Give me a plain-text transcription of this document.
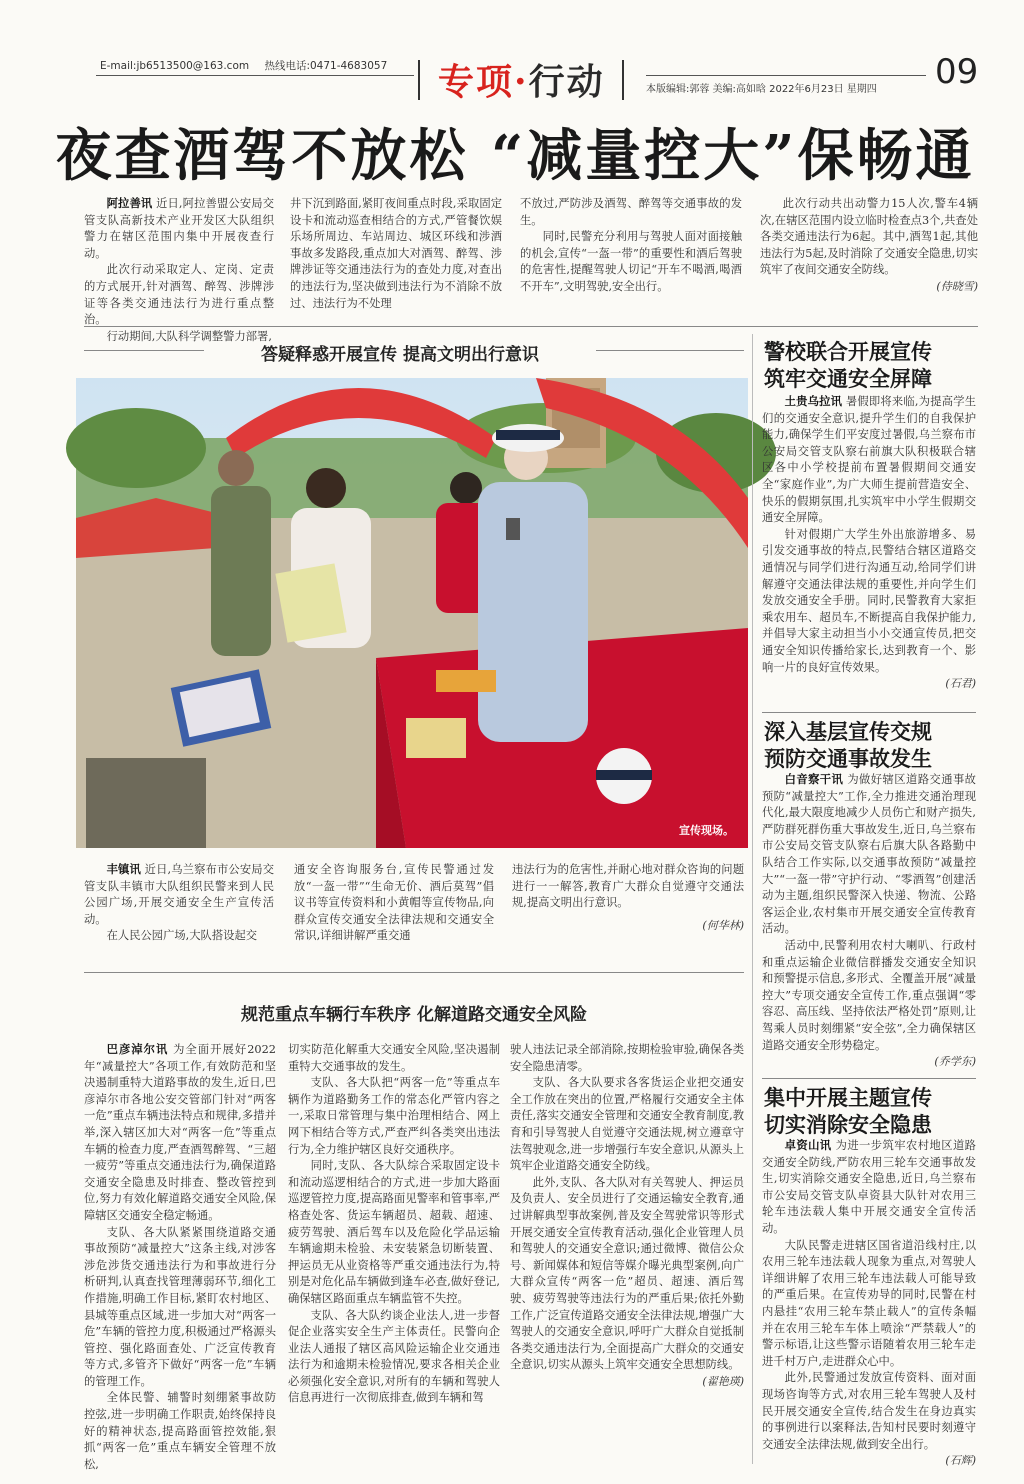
E-mail:jb6513500@163.com 热线电话:0471-4683057	专项·行动	本版编辑:郭蓉 美编:高如晗 2022年6月23日 星期四 09
夜查酒驾不放松 “减量控大”保畅通

阿拉善讯 近日,阿拉善盟公安局交管支队高新技术产业开发区大队组织警力在辖区范围内集中开展夜查行动。

此次行动采取定人、定岗、定责的方式展开,针对酒驾、醉驾、涉牌涉证等各类交通违法行为进行重点整治。

行动期间,大队科学调整警力部署,

井下沉到路面,紧盯夜间重点时段,采取固定设卡和流动巡查相结合的方式,严管餐饮娱乐场所周边、车站周边、城区环线和涉酒事故多发路段,重点加大对酒驾、醉驾、涉牌涉证等交通违法行为的查处力度,对查出的违法行为,坚决做到违法行为不消除不放过、违法行为不处理

不放过,严防涉及酒驾、醉驾等交通事故的发生。

同时,民警充分利用与驾驶人面对面接触的机会,宣传“一盔一带”的重要性和酒后驾驶的危害性,提醒驾驶人切记“开车不喝酒,喝酒不开车”,文明驾驶,安全出行。

此次行动共出动警力15人次,警车4辆次,在辖区范围内设立临时检查点3个,共查处各类交通违法行为6起。其中,酒驾1起,其他违法行为5起,及时消除了交通安全隐患,切实筑牢了夜间交通安全防线。

(侍晓雪)
答疑释惑开展宣传 提高文明出行意识
宣传现场。

丰镇讯 近日,乌兰察布市公安局交管支队丰镇市大队组织民警来到人民公园广场,开展交通安全生产宣传活动。

在人民公园广场,大队搭设起交

通安全咨询服务台,宣传民警通过发放“一盔一带”“生命无价、酒后莫驾”倡议书等宣传资料和小黄帽等宣传物品,向群众宣传交通安全法律法规和交通安全常识,详细讲解严重交通

违法行为的危害性,并耐心地对群众咨询的问题进行一一解答,教育广大群众自觉遵守交通法规,提高文明出行意识。

(何华林)
规范重点车辆行车秩序 化解道路交通安全风险

巴彦淖尔讯 为全面开展好2022年“减量控大”各项工作,有效防范和坚决遏制重特大道路事故的发生,近日,巴彦淖尔市各地公安交管部门针对“两客一危”重点车辆违法特点和规律,多措并举,深入辖区加大对“两客一危”等重点车辆的检查力度,严查酒驾醉驾、“三超一疲劳”等重点交通违法行为,确保道路交通安全隐患及时排查、整改管控到位,努力有效化解道路交通安全风险,保障辖区交通安全稳定畅通。

支队、各大队紧紧围绕道路交通事故预防“减量控大”这条主线,对涉客涉危涉货交通违法行为和事故进行分析研判,认真查找管理薄弱环节,细化工作措施,明确工作目标,紧盯农村地区、县城等重点区域,进一步加大对“两客一危”车辆的管控力度,积极通过严格源头管控、强化路面查处、广泛宣传教育等方式,多管齐下做好“两客一危”车辆的管理工作。

全体民警、辅警时刻绷紧事故防控弦,进一步明确工作职责,始终保持良好的精神状态,提高路面管控效能,狠抓“两客一危”重点车辆安全管理不放松,

切实防范化解重大交通安全风险,坚决遏制重特大交通事故的发生。

支队、各大队把“两客一危”等重点车辆作为道路勤务工作的常态化严管内容之一,采取日常管理与集中治理相结合、网上网下相结合等方式,严查严纠各类突出违法行为,全力维护辖区良好交通秩序。

同时,支队、各大队综合采取固定设卡和流动巡逻相结合的方式,进一步加大路面巡逻管控力度,提高路面见警率和管事率,严格查处客、货运车辆超员、超载、超速、疲劳驾驶、酒后驾车以及危险化学品运输车辆逾期未检验、未安装紧急切断装置、押运员无从业资格等严重交通违法行为,特别是对危化品车辆做到逢车必查,做好登记,确保辖区路面重点车辆监管不失控。

支队、各大队约谈企业法人,进一步督促企业落实安全生产主体责任。民警向企业法人通报了辖区高风险运输企业交通违法行为和逾期未检验情况,要求各相关企业必须强化安全意识,对所有的车辆和驾驶人信息再进行一次彻底排查,做到车辆和驾

驶人违法记录全部消除,按期检验审验,确保各类安全隐患清零。

支队、各大队要求各客货运企业把交通安全工作放在突出的位置,严格履行交通安全主体责任,落实交通安全管理和交通安全教育制度,教育和引导驾驶人自觉遵守交通法规,树立遵章守法驾驶观念,进一步增强行车安全意识,从源头上筑牢企业道路交通安全防线。

此外,支队、各大队对有关驾驶人、押运员及负责人、安全员进行了交通运输安全教育,通过讲解典型事故案例,普及安全驾驶常识等形式开展交通安全宣传教育活动,强化企业管理人员和驾驶人的交通安全意识;通过微博、微信公众号、新闻媒体和短信等媒介曝光典型案例,向广大群众宣传“两客一危”超员、超速、酒后驾驶、疲劳驾驶等违法行为的严重后果;依托外勤工作,广泛宣传道路交通安全法律法规,增强广大驾驶人的交通安全意识,呼吁广大群众自觉抵制各类交通违法行为,全面提高广大群众的交通安全意识,切实从源头上筑牢交通安全思想防线。

(翟艳瑛)
警校联合开展宣传
筑牢交通安全屏障

土贵乌拉讯 暑假即将来临,为提高学生们的交通安全意识,提升学生们的自我保护能力,确保学生们平安度过暑假,乌兰察布市公安局交管支队察右前旗大队积极联合辖区各中小学校提前布置暑假期间交通安全“家庭作业”,为广大师生提前营造安全、快乐的假期氛围,扎实筑牢中小学生假期交通安全屏障。

针对假期广大学生外出旅游增多、易引发交通事故的特点,民警结合辖区道路交通情况与同学们进行沟通互动,给同学们讲解遵守交通法律法规的重要性,并向学生们发放交通安全手册。同时,民警教育大家拒乘农用车、超员车,不断提高自我保护能力,并倡导大家主动担当小小交通宣传员,把交通安全知识传播给家长,达到教育一个、影响一片的良好宣传效果。

(石君)
深入基层宣传交规
预防交通事故发生

白音察干讯 为做好辖区道路交通事故预防“减量控大”工作,全力推进交通治理现代化,最大限度地减少人员伤亡和财产损失,严防群死群伤重大事故发生,近日,乌兰察布市公安局交管支队察右后旗大队各路勤中队结合工作实际,以交通事故预防“减量控大”“一盔一带”守护行动、“零酒驾”创建活动为主题,组织民警深入快递、物流、公路客运企业,农村集市开展交通安全宣传教育活动。

活动中,民警利用农村大喇叭、行政村和重点运输企业微信群播发交通安全知识和预警提示信息,多形式、全覆盖开展“减量控大”专项交通安全宣传工作,重点强调“零容忍、高压线、坚持依法严格处罚”原则,让驾乘人员时刻绷紧“安全弦”,全力确保辖区道路交通安全形势稳定。

(乔学东)
集中开展主题宣传
切实消除安全隐患

卓资山讯 为进一步筑牢农村地区道路交通安全防线,严防农用三轮车交通事故发生,切实消除交通安全隐患,近日,乌兰察布市公安局交管支队卓资县大队针对农用三轮车违法载人集中开展交通安全宣传活动。

大队民警走进辖区国省道沿线村庄,以农用三轮车违法载人现象为重点,对驾驶人详细讲解了农用三轮车违法载人可能导致的严重后果。在宣传劝导的同时,民警在村内悬挂“农用三轮车禁止载人”的宣传条幅并在农用三轮车车体上喷涂“严禁载人”的警示标语,让这些警示语随着农用三轮车走进千村万户,走进群众心中。

此外,民警通过发放宣传资料、面对面现场咨询等方式,对农用三轮车驾驶人及村民开展交通安全宣传,结合发生在身边真实的事例进行以案释法,告知村民要时刻遵守交通安全法律法规,做到安全出行。

(石辉)
